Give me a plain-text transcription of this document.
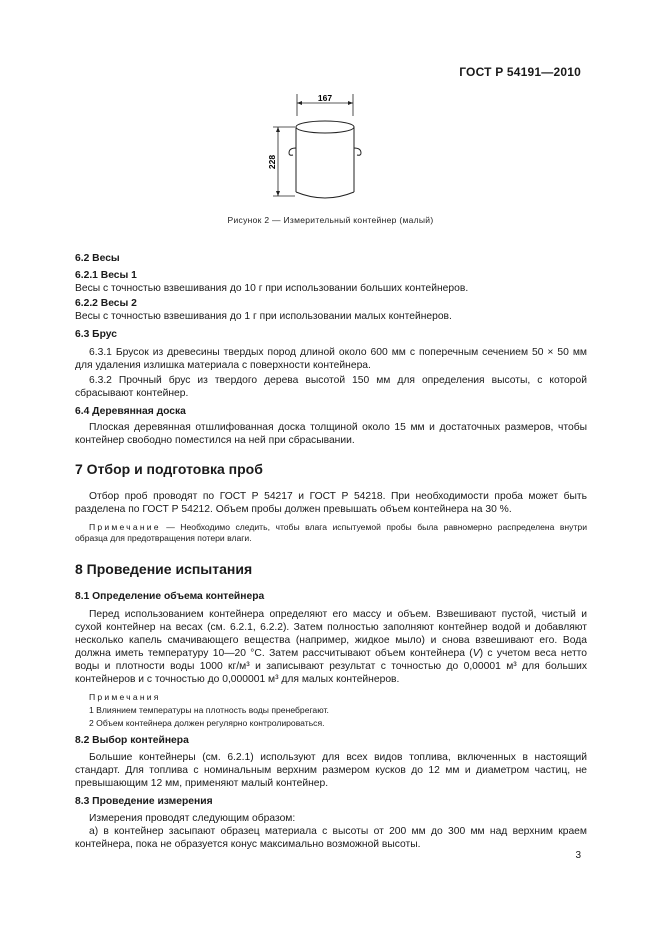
ГОСТ Р 54191—2010
167
228
Рисунок 2 — Измерительный контейнер (малый)

6.2 Весы

6.2.1 Весы 1

Весы с точностью взвешивания до 10 г при использовании больших контейнеров.

6.2.2 Весы 2

Весы с точностью взвешивания до 1 г при использовании малых контейнеров.

6.3 Брус

6.3.1 Брусок из древесины твердых пород длиной около 600 мм с поперечным сечением 50 × 50 мм для удаления излишка материала с поверхности контейнера.

6.3.2 Прочный брус из твердого дерева высотой 150 мм для определения высоты, с которой сбрасывают контейнер.

6.4 Деревянная доска

Плоская деревянная отшлифованная доска толщиной около 15 мм и достаточных размеров, чтобы контейнер свободно поместился на ней при сбрасывании.

7 Отбор и подготовка проб

Отбор проб проводят по ГОСТ Р 54217 и ГОСТ Р 54218. При необходимости проба может быть разделена по ГОСТ Р 54212. Объем пробы должен превышать объем контейнера на 30 %.

Примечание — Необходимо следить, чтобы влага испытуемой пробы была равномерно распределена внутри образца для предотвращения потери влаги.

8 Проведение испытания

8.1 Определение объема контейнера

Перед использованием контейнера определяют его массу и объем. Взвешивают пустой, чистый и сухой контейнер на весах (см. 6.2.1, 6.2.2). Затем полностью заполняют контейнер водой и добавляют несколько капель смачивающего вещества (например, жидкое мыло) и снова взвешивают его. Вода должна иметь температуру 10—20 °С. Затем рассчитывают объем контейнера (V) с учетом веса нетто воды и плотности воды 1000 кг/м³ и записывают результат с точностью до 0,00001 м³ для больших контейнеров и с точностью до 0,000001 м³ для малых контейнеров.

Примечания

1 Влиянием температуры на плотность воды пренебрегают.

2 Объем контейнера должен регулярно контролироваться.

8.2 Выбор контейнера

Большие контейнеры (см. 6.2.1) используют для всех видов топлива, включенных в настоящий стандарт. Для топлива с номинальным верхним размером кусков до 12 мм и диаметром частиц, не превышающим 12 мм, применяют малый контейнер.

8.3 Проведение измерения

Измерения проводят следующим образом:

а) в контейнер засыпают образец материала с высоты от 200 мм до 300 мм над верхним краем контейнера, пока не образуется конус максимально возможной высоты.

3
